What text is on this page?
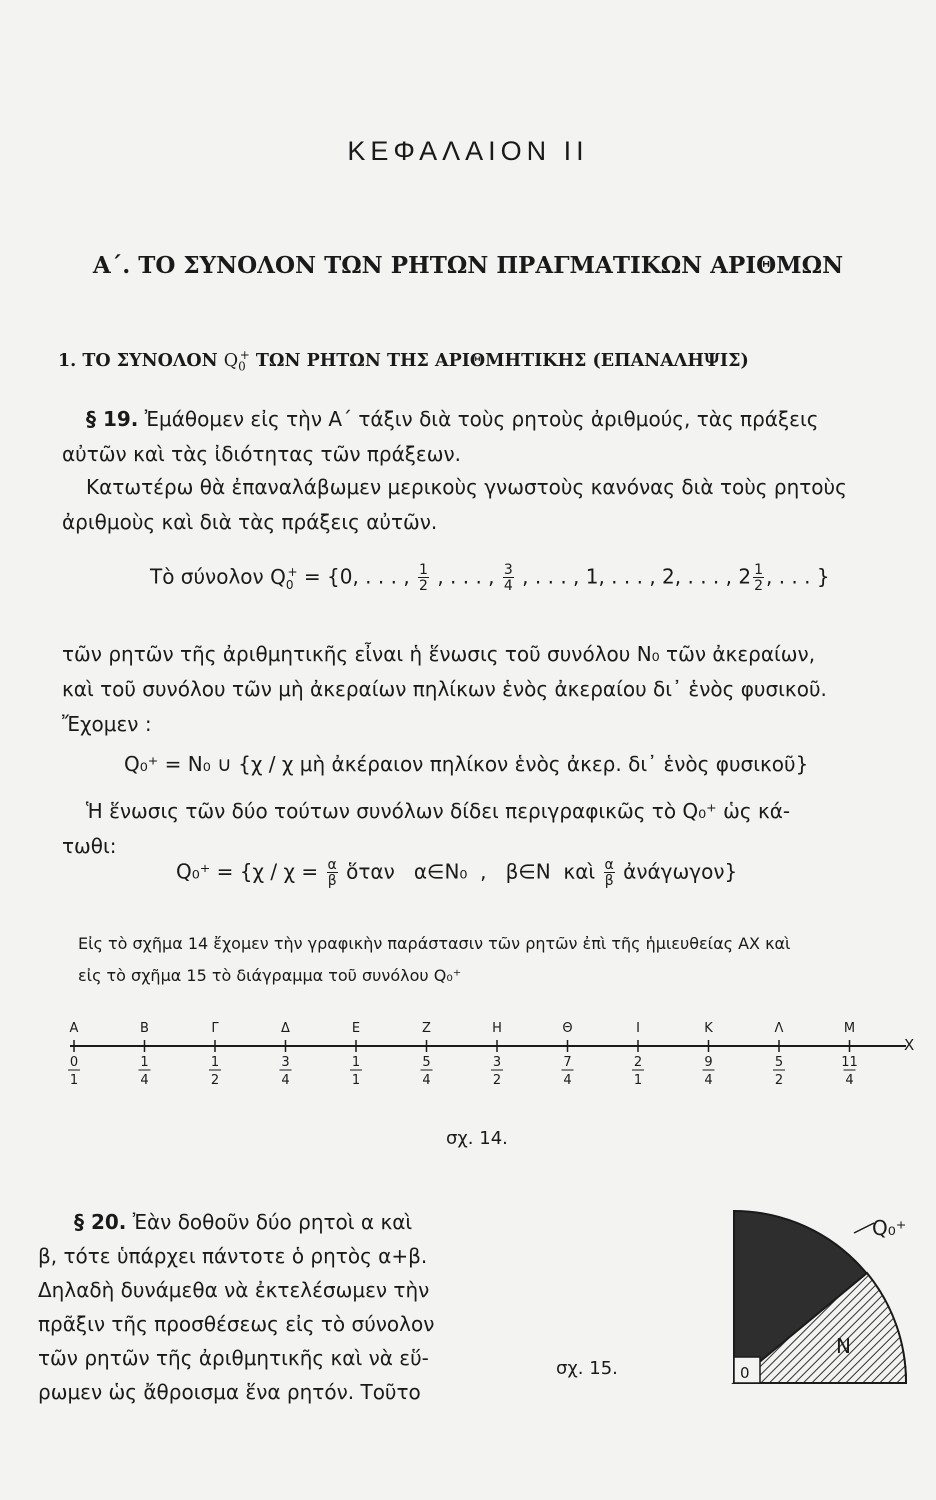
ΚΕΦΑΛΑΙΟΝ ΙΙ
Α΄. ΤΟ ΣΥΝΟΛΟΝ ΤΩΝ ΡΗΤΩΝ ΠΡΑΓΜΑΤΙΚΩΝ ΑΡΙΘΜΩΝ
1. ΤΟ ΣΥΝΟΛΟΝ $Q_0^+$ ΤΩΝ ΡΗΤΩΝ ΤΗΣ ΑΡΙΘΜΗΤΙΚΗΣ (ΕΠΑΝΑΛΗΨΙΣ)
§ 19. Ἐμάθομεν εἰς τὴν Α΄ τάξιν διὰ τοὺς ρητοὺς ἀριθμούς, τὰς πράξεις
αὐτῶν καὶ τὰς ἰδιότητας τῶν πράξεων.
Κατωτέρω θὰ ἐπαναλάβωμεν μερικοὺς γνωστοὺς κανόνας διὰ τοὺς ρητοὺς
ἀριθμοὺς καὶ διὰ τὰς πράξεις αὐτῶν.
Τὸ σύνολον $Q_0^+ = \{0$, . . . , $\frac{1}{2}$ , . . . , $\frac{3}{4}$ , . . . , 1, . . . , 2, . . . , $2 \frac{1}{2}$ , . . . }
τῶν ρητῶν τῆς ἀριθμητικῆς εἶναι ἡ ἕνωσις τοῦ συνόλου Ν₀ τῶν ἀκεραίων,
καὶ τοῦ συνόλου τῶν μὴ ἀκεραίων πηλίκων ἑνὸς ἀκεραίου δι᾿ ἑνὸς φυσικοῦ.
Ἔχομεν :
Q₀⁺ = Ν₀ ∪ {χ / χ μὴ ἀκέραιον πηλίκον ἑνὸς ἀκερ. δι᾿ ἑνὸς φυσικοῦ}
Ἡ ἕνωσις τῶν δύο τούτων συνόλων δίδει περιγραφικῶς τὸ Q₀⁺ ὡς κά-
τωθι:
$Q_0^+ = \{\chi / \chi = \frac{\alpha}{\beta}$ ὅταν   α∈Ν₀  ,   β∈Ν  καὶ $\frac{\alpha}{\beta}$ ἀνάγωγον}
Εἰς τὸ σχῆμα 14 ἔχομεν τὴν γραφικὴν παράστασιν τῶν ρητῶν ἐπὶ τῆς ἡμιευθείας ΑΧ καὶ
εἰς τὸ σχῆμα 15 τὸ διάγραμμα τοῦ συνόλου Q₀⁺
Α
0
1
Β
1
4
Γ
1
2
Δ
3
4
Ε
1
1
Ζ
5
4
Η
3
2
Θ
7
4
Ι
2
1
Κ
9
4
Λ
5
2
Μ
11
4
X
σχ. 14.
§ 20. Ἐὰν δοθοῦν δύο ρητοὶ α καὶ
β, τότε ὑπάρχει πάντοτε ὁ ρητὸς α+β.
Δηλαδὴ δυνάμεθα νὰ ἐκτελέσωμεν τὴν
πρᾶξιν τῆς προσθέσεως εἰς τὸ σύνολον
τῶν ρητῶν τῆς ἀριθμητικῆς καὶ νὰ εὕ-
ρωμεν ὡς ἄθροισμα ἕνα ρητόν. Τοῦτο
σχ. 15.	0
Ν
Q₀⁺
